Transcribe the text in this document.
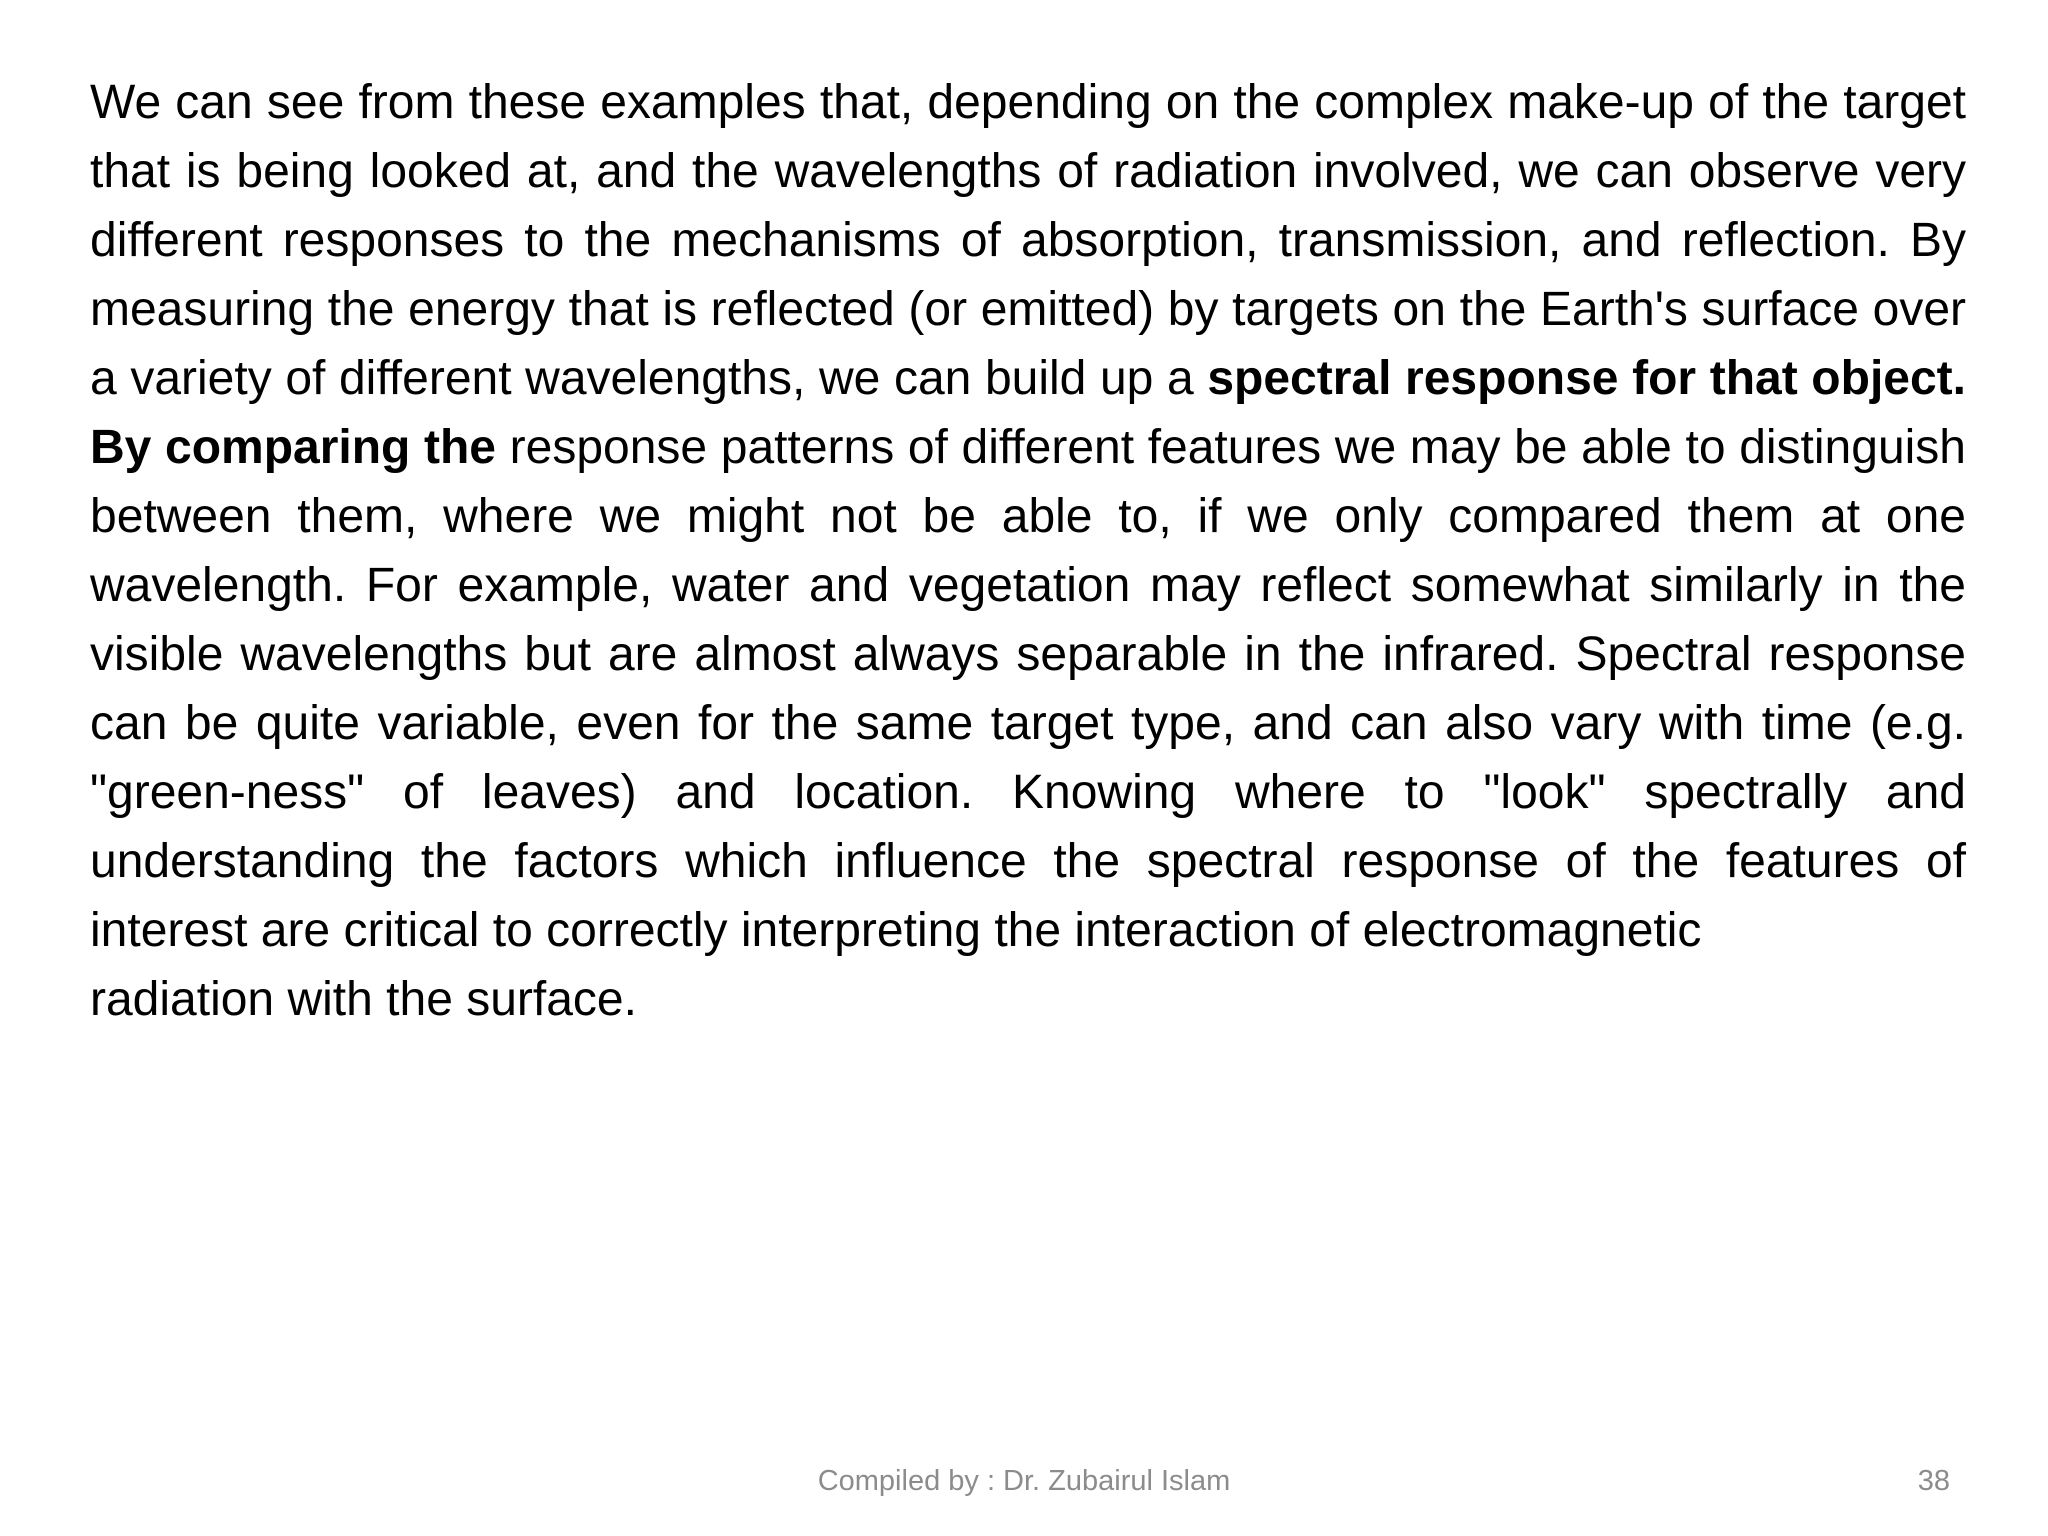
We can see from these examples that, depending on the complex make-up of the target that is being looked at, and the wavelengths of radiation involved, we can observe very different responses to the mechanisms of absorption, transmission, and reflection. By measuring the energy that is reflected (or emitted) by targets on the Earth's surface over a variety of different wavelengths, we can build up a spectral response for that object. By comparing the response patterns of different features we may be able to distinguish between them, where we might not be able to, if we only compared them at one wavelength. For example, water and vegetation may reflect somewhat similarly in the visible wavelengths but are almost always separable in the infrared. Spectral response can be quite variable, even for the same target type, and can also vary with time (e.g. "green-ness" of leaves) and location. Knowing where to "look" spectrally and understanding the factors which influence the spectral response of the features of interest are critical to correctly interpreting the interaction of electromagnetic
radiation with the surface.

Compiled by : Dr. Zubairul Islam	38
